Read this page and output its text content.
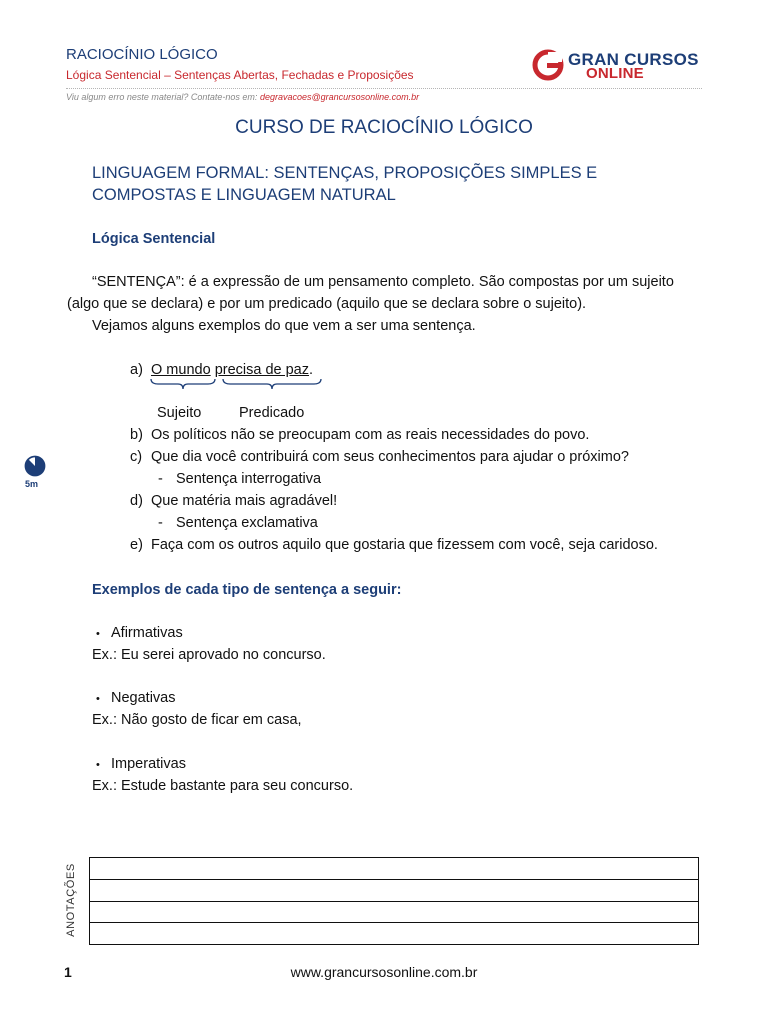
RACIOCÍNIO LÓGICO
Lógica Sentencial – Sentenças Abertas, Fechadas e Proposições
Viu algum erro neste material? Contate-nos em: degravacoes@grancursosonline.com.br
GRAN CURSOS
ONLINE
CURSO DE RACIOCÍNIO LÓGICO
LINGUAGEM FORMAL: SENTENÇAS, PROPOSIÇÕES SIMPLES E COMPOSTAS E LINGUAGEM NATURAL
Lógica Sentencial
“SENTENÇA”: é a expressão de um pensamento completo. São compostas por um sujeito
(algo que se declara) e por um predicado (aquilo que se declara sobre o sujeito).
Vejamos alguns exemplos do que vem a ser uma sentença.
a) O mundo precisa de paz.
Sujeito	Predicado
b) Os políticos não se preocupam com as reais necessidades do povo.
c) Que dia você contribuirá com seus conhecimentos para ajudar o próximo?
- Sentença interrogativa
5m
d) Que matéria mais agradável!
- Sentença exclamativa
e) Faça com os outros aquilo que gostaria que fizessem com você, seja caridoso.
Exemplos de cada tipo de sentença a seguir:
• Afirmativas
Ex.: Eu serei aprovado no concurso.
• Negativas
Ex.: Não gosto de ficar em casa,
• Imperativas
Ex.: Estude bastante para seu concurso.
ANOTAÇÕES
1	www.grancursosonline.com.br
